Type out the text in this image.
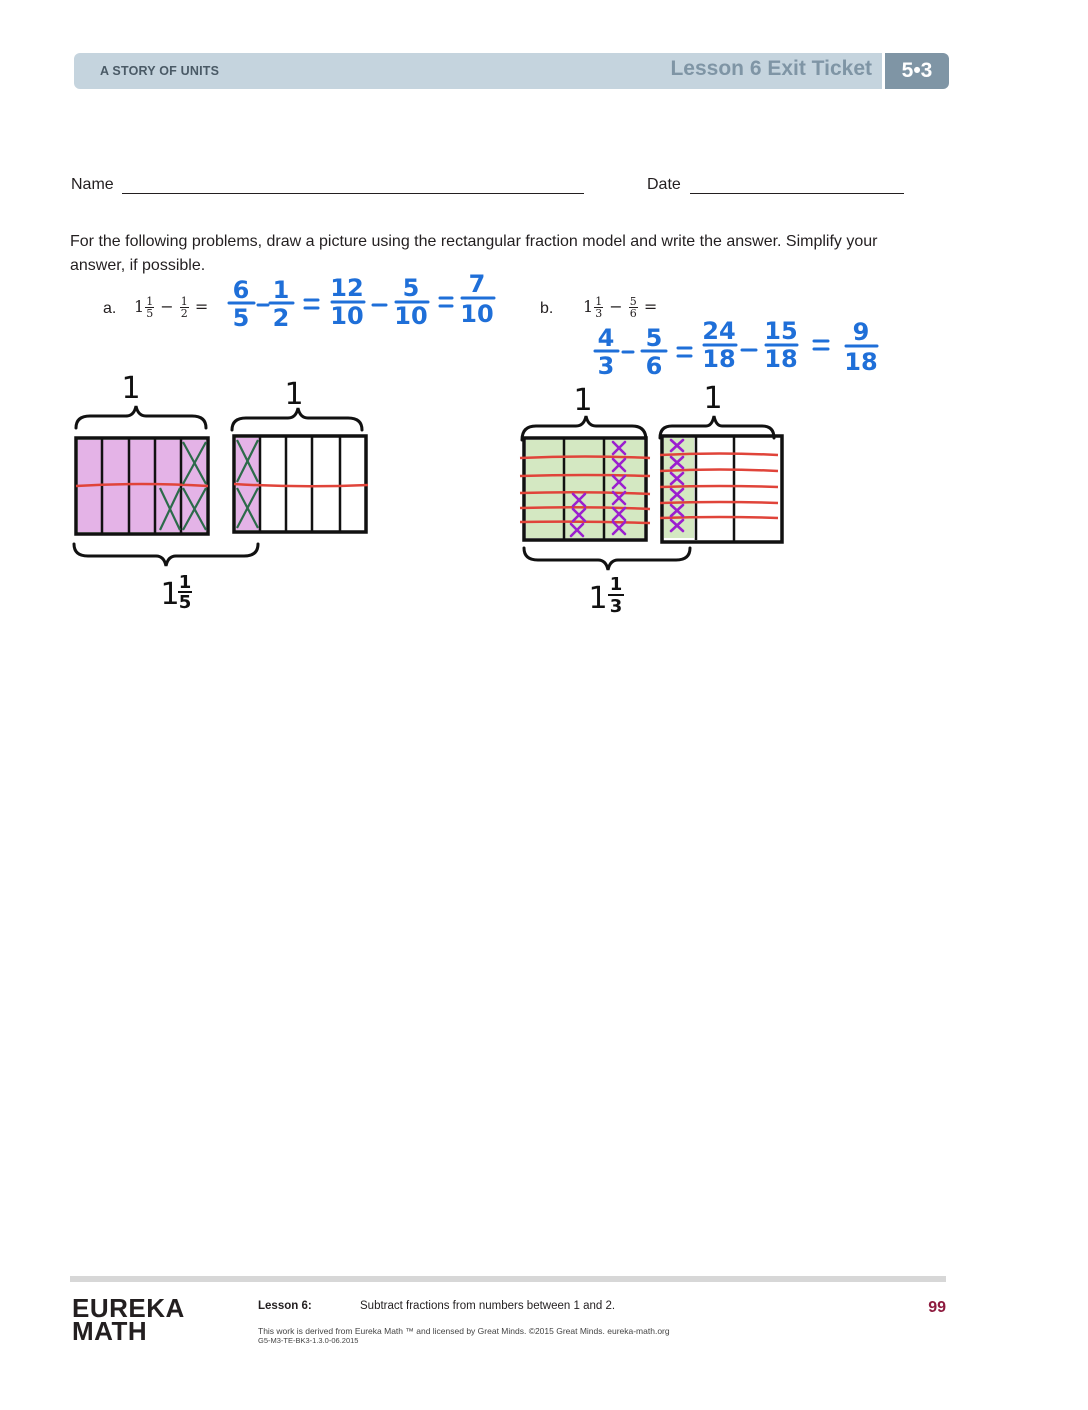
A STORY OF UNITS	Lesson 6 Exit Ticket	5•3
Name	Date
For the following problems, draw a picture using the rectangular fraction model and write the answer. Simplify your answer, if possible.
a. $1 \frac{1}{5} - \frac{1}{2}$ =	b. $1 \frac{1}{3} - \frac{5}{6}$ =
6
5
1
2
12
10
5
10
7
10
4
3
5
6
24
18
15
18
9
18
1	1
1 1
5
1	1
1 1
3
EUREKA
MATH
Lesson 6:	Subtract fractions from numbers between 1 and 2.	99
This work is derived from Eureka Math ™ and licensed by Great Minds. ©2015 Great Minds. eureka-math.org
G5-M3-TE-BK3-1.3.0-06.2015
